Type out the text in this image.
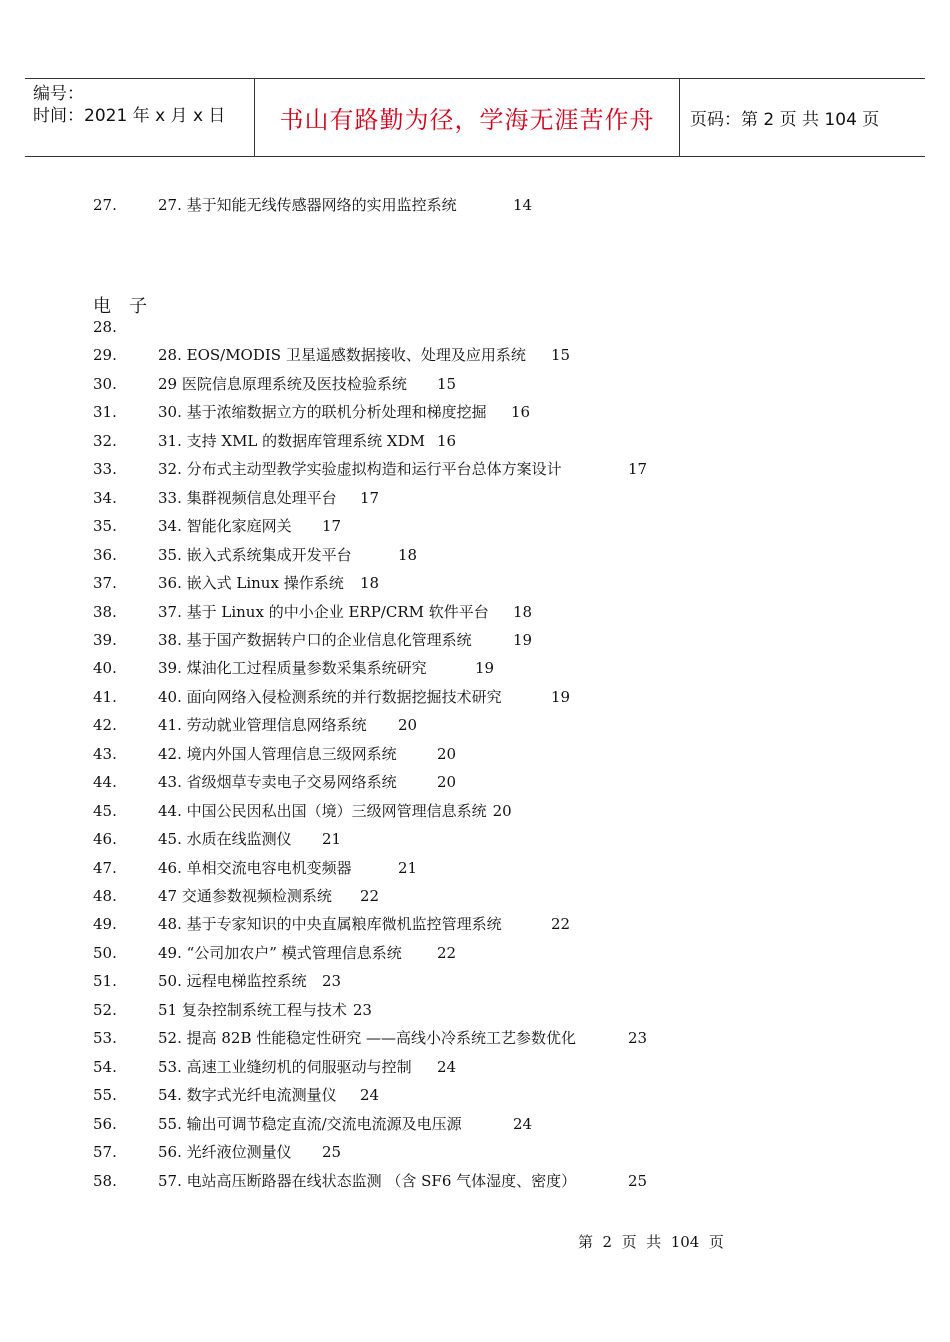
编号：
时间：2021 年 x 月 x 日	书山有路勤为径，学海无涯苦作舟 页码：第 2 页 共 104 页
27.	27. 基于知能无线传感器网络的实用监控系统	14
电子
28.
29.	28. EOS/MODIS 卫星遥感数据接收、处理及应用系统 15
30.	29 医院信息原理系统及医技检验系统 15
31.	30. 基于浓缩数据立方的联机分析处理和梯度挖掘 16
32.	31. 支持 XML 的数据库管理系统 XDM 16
33.	32. 分布式主动型教学实验虚拟构造和运行平台总体方案设计	17
34.	33. 集群视频信息处理平台 17
35.	34. 智能化家庭网关 17
36.	35. 嵌入式系统集成开发平台	18
37.	36. 嵌入式 Linux 操作系统 18
38.	37. 基于 Linux 的中小企业 ERP/CRM 软件平台 18
39.	38. 基于国产数据转户口的企业信息化管理系统	19
40.	39. 煤油化工过程质量参数采集系统研究	19
41.	40. 面向网络入侵检测系统的并行数据挖掘技术研究	19
42.	41. 劳动就业管理信息网络系统 20
43.	42. 境内外国人管理信息三级网系统	20
44.	43. 省级烟草专卖电子交易网络系统	20
45.	44. 中国公民因私出国（境）三级网管理信息系统 20
46.	45. 水质在线监测仪 21
47.	46. 单相交流电容电机变频器	21
48.	47 交通参数视频检测系统 22
49.	48. 基于专家知识的中央直属粮库微机监控管理系统	22
50.	49. “公司加农户” 模式管理信息系统 22
51.	50. 远程电梯监控系统 23
52.	51 复杂控制系统工程与技术 23
53.	52. 提高 82B 性能稳定性研究 ——高线小冷系统工艺参数优化	23
54.	53. 高速工业缝纫机的伺服驱动与控制 24
55.	54. 数字式光纤电流测量仪 24
56.	55. 输出可调节稳定直流/交流电流源及电压源	24
57.	56. 光纤液位测量仪 25
58.	57. 电站高压断路器在线状态监测 （含 SF6 气体湿度、密度）	25
第  2  页  共  104  页
